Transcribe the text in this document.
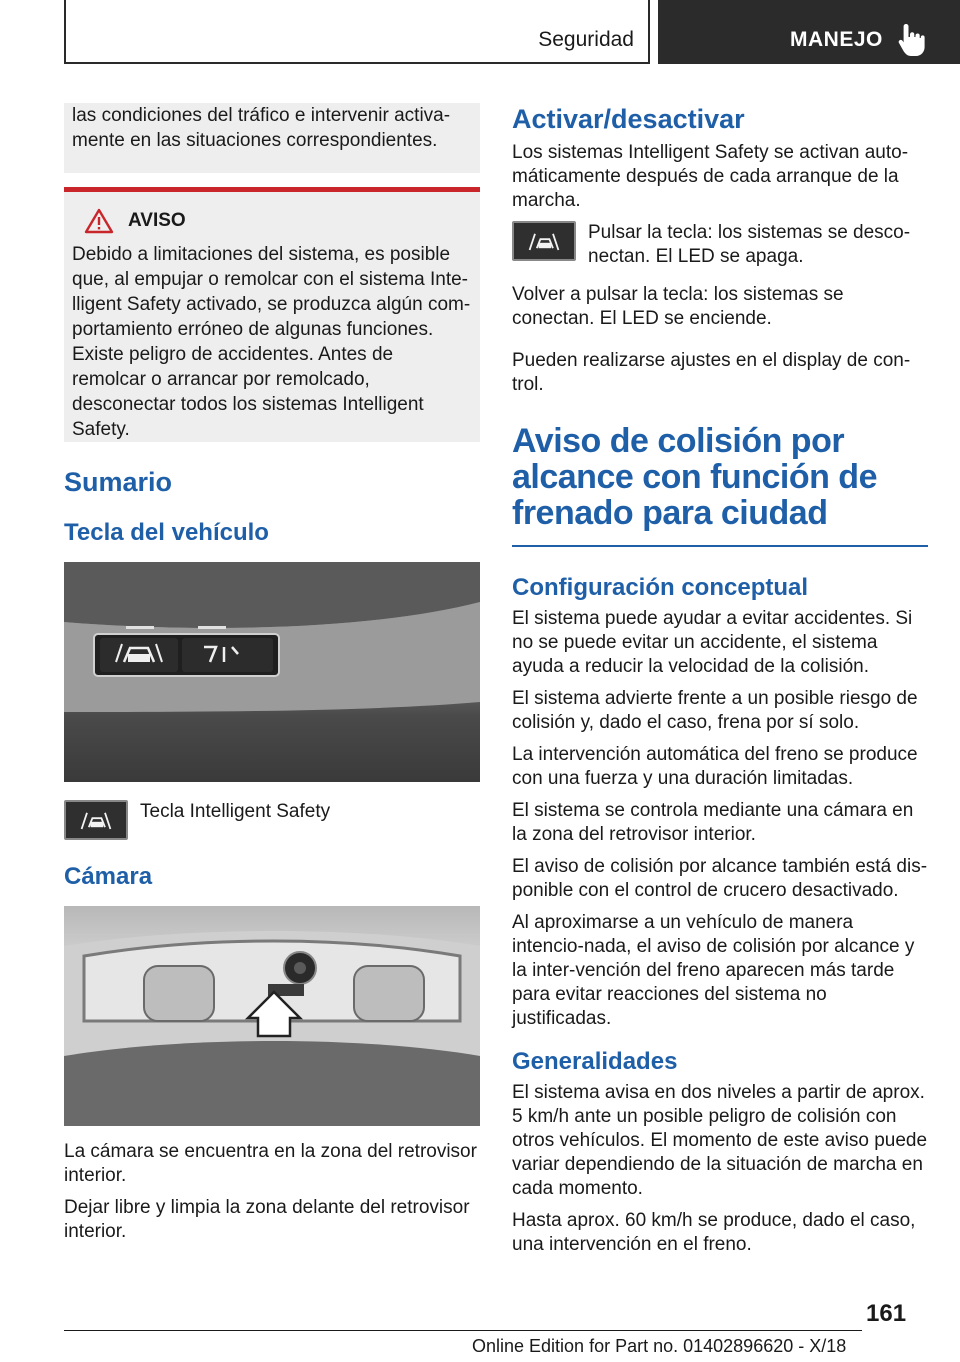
Seguridad	MANEJO

las condiciones del tráfico e intervenir activa‐mente en las situaciones correspondientes.

AVISO

Debido a limitaciones del sistema, es posible que, al empujar o remolcar con el sistema Inte‐lligent Safety activado, se produzca algún com‐portamiento erróneo de algunas funciones. Existe peligro de accidentes. Antes de remolcar o arrancar por remolcado, desconectar todos los sistemas Intelligent Safety.

Sumario
Tecla del vehículo

Tecla Intelligent Safety

Cámara

La cámara se encuentra en la zona del retrovisor interior.

Dejar libre y limpia la zona delante del retrovisor interior.

Activar/desactivar

Los sistemas Intelligent Safety se activan auto‐máticamente después de cada arranque de la marcha.

Pulsar la tecla: los sistemas se desco‐nectan. El LED se apaga.

Volver a pulsar la tecla: los sistemas se conectan. El LED se enciende.

Pueden realizarse ajustes en el display de con‐trol.

Aviso de colisión por alcance con función de frenado para ciudad
Configuración conceptual

El sistema puede ayudar a evitar accidentes. Si no se puede evitar un accidente, el sistema ayuda a reducir la velocidad de la colisión.

El sistema advierte frente a un posible riesgo de colisión y, dado el caso, frena por sí solo.

La intervención automática del freno se produce con una fuerza y una duración limitadas.

El sistema se controla mediante una cámara en la zona del retrovisor interior.

El aviso de colisión por alcance también está dis‐ponible con el control de crucero desactivado.

Al aproximarse a un vehículo de manera intencio‐nada, el aviso de colisión por alcance y la inter‐vención del freno aparecen más tarde para evitar reacciones del sistema no justificadas.

Generalidades

El sistema avisa en dos niveles a partir de aprox. 5 km/h ante un posible peligro de colisión con otros vehículos. El momento de este aviso puede variar dependiendo de la situación de marcha en cada momento.

Hasta aprox. 60 km/h se produce, dado el caso, una intervención en el freno.

161
Online Edition for Part no. 01402896620 - X/18
